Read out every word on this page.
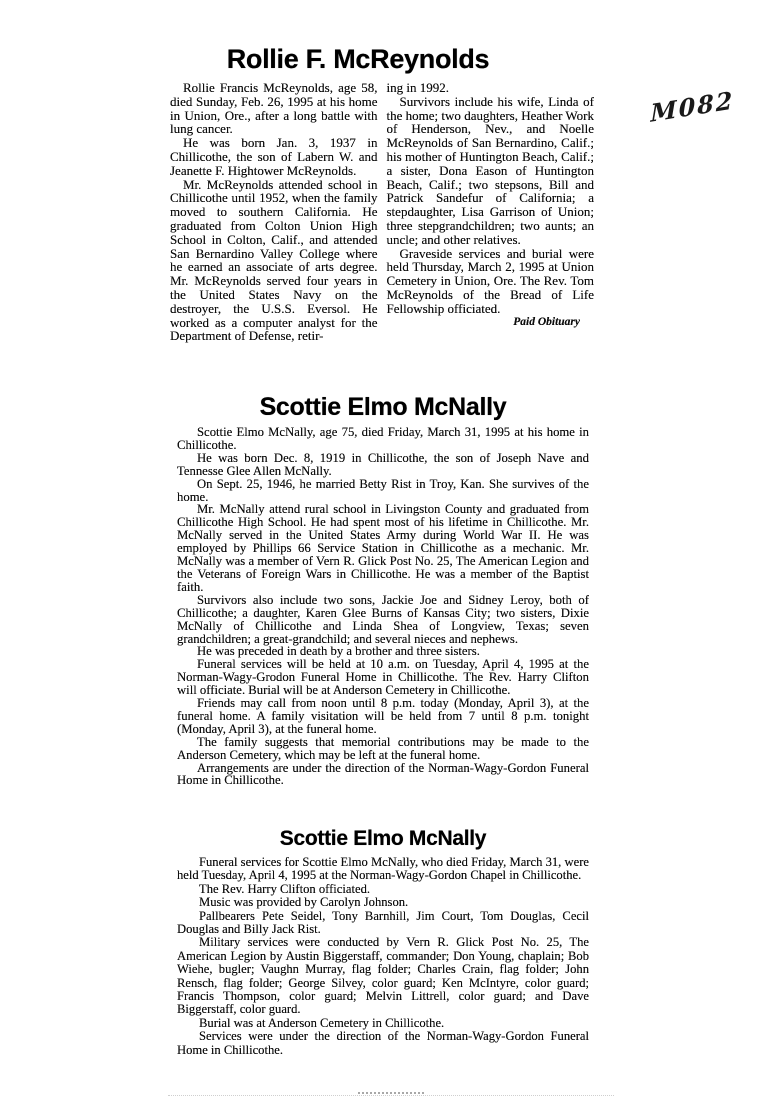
M082
Rollie F. McReynolds

Rollie Francis McReynolds, age 58, died Sunday, Feb. 26, 1995 at his home in Union, Ore., after a long battle with lung cancer.

He was born Jan. 3, 1937 in Chillicothe, the son of Labern W. and Jeanette F. Hightower McReynolds.

Mr. McReynolds attended school in Chillicothe until 1952, when the family moved to southern California. He graduated from Colton Union High School in Colton, Calif., and attended San Bernardino Valley College where he earned an associate of arts degree. Mr. McReynolds served four years in the United States Navy on the destroyer, the U.S.S. Eversol. He worked as a computer analyst for the Department of Defense, retir-

ing in 1992.

Survivors include his wife, Linda of the home; two daughters, Heather Work of Henderson, Nev., and Noelle McReynolds of San Bernardino, Calif.; his mother of Huntington Beach, Calif.; a sister, Dona Eason of Huntington Beach, Calif.; two stepsons, Bill and Patrick Sandefur of California; a stepdaughter, Lisa Garrison of Union; three stepgrandchildren; two aunts; an uncle; and other relatives.

Graveside services and burial were held Thursday, March 2, 1995 at Union Cemetery in Union, Ore. The Rev. Tom McReynolds of the Bread of Life Fellowship officiated.

Paid Obituary

Scottie Elmo McNally

Scottie Elmo McNally, age 75, died Friday, March 31, 1995 at his home in Chillicothe.

He was born Dec. 8, 1919 in Chillicothe, the son of Joseph Nave and Tennesse Glee Allen McNally.

On Sept. 25, 1946, he married Betty Rist in Troy, Kan. She survives of the home.

Mr. McNally attend rural school in Livingston County and graduated from Chillicothe High School. He had spent most of his lifetime in Chillicothe. Mr. McNally served in the United States Army during World War II. He was employed by Phillips 66 Service Station in Chillicothe as a mechanic. Mr. McNally was a member of Vern R. Glick Post No. 25, The American Legion and the Veterans of Foreign Wars in Chillicothe. He was a member of the Baptist faith.

Survivors also include two sons, Jackie Joe and Sidney Leroy, both of Chillicothe; a daughter, Karen Glee Burns of Kansas City; two sisters, Dixie McNally of Chillicothe and Linda Shea of Longview, Texas; seven grandchildren; a great-grandchild; and several nieces and nephews.

He was preceded in death by a brother and three sisters.

Funeral services will be held at 10 a.m. on Tuesday, April 4, 1995 at the Norman-Wagy-Grodon Funeral Home in Chillicothe. The Rev. Harry Clifton will officiate. Burial will be at Anderson Cemetery in Chillicothe.

Friends may call from noon until 8 p.m. today (Monday, April 3), at the funeral home. A family visitation will be held from 7 until 8 p.m. tonight (Monday, April 3), at the funeral home.

The family suggests that memorial contributions may be made to the Anderson Cemetery, which may be left at the funeral home.

Arrangements are under the direction of the Norman-Wagy-Gordon Funeral Home in Chillicothe.

Scottie Elmo McNally

Funeral services for Scottie Elmo McNally, who died Friday, March 31, were held Tuesday, April 4, 1995 at the Norman-Wagy-Gordon Chapel in Chillicothe.

The Rev. Harry Clifton officiated.

Music was provided by Carolyn Johnson.

Pallbearers Pete Seidel, Tony Barnhill, Jim Court, Tom Douglas, Cecil Douglas and Billy Jack Rist.

Military services were conducted by Vern R. Glick Post No. 25, The American Legion by Austin Biggerstaff, commander; Don Young, chaplain; Bob Wiehe, bugler; Vaughn Murray, flag folder; Charles Crain, flag folder; John Rensch, flag folder; George Silvey, color guard; Ken McIntyre, color guard; Francis Thompson, color guard; Melvin Littrell, color guard; and Dave Biggerstaff, color guard.

Burial was at Anderson Cemetery in Chillicothe.

Services were under the direction of the Norman-Wagy-Gordon Funeral Home in Chillicothe.
